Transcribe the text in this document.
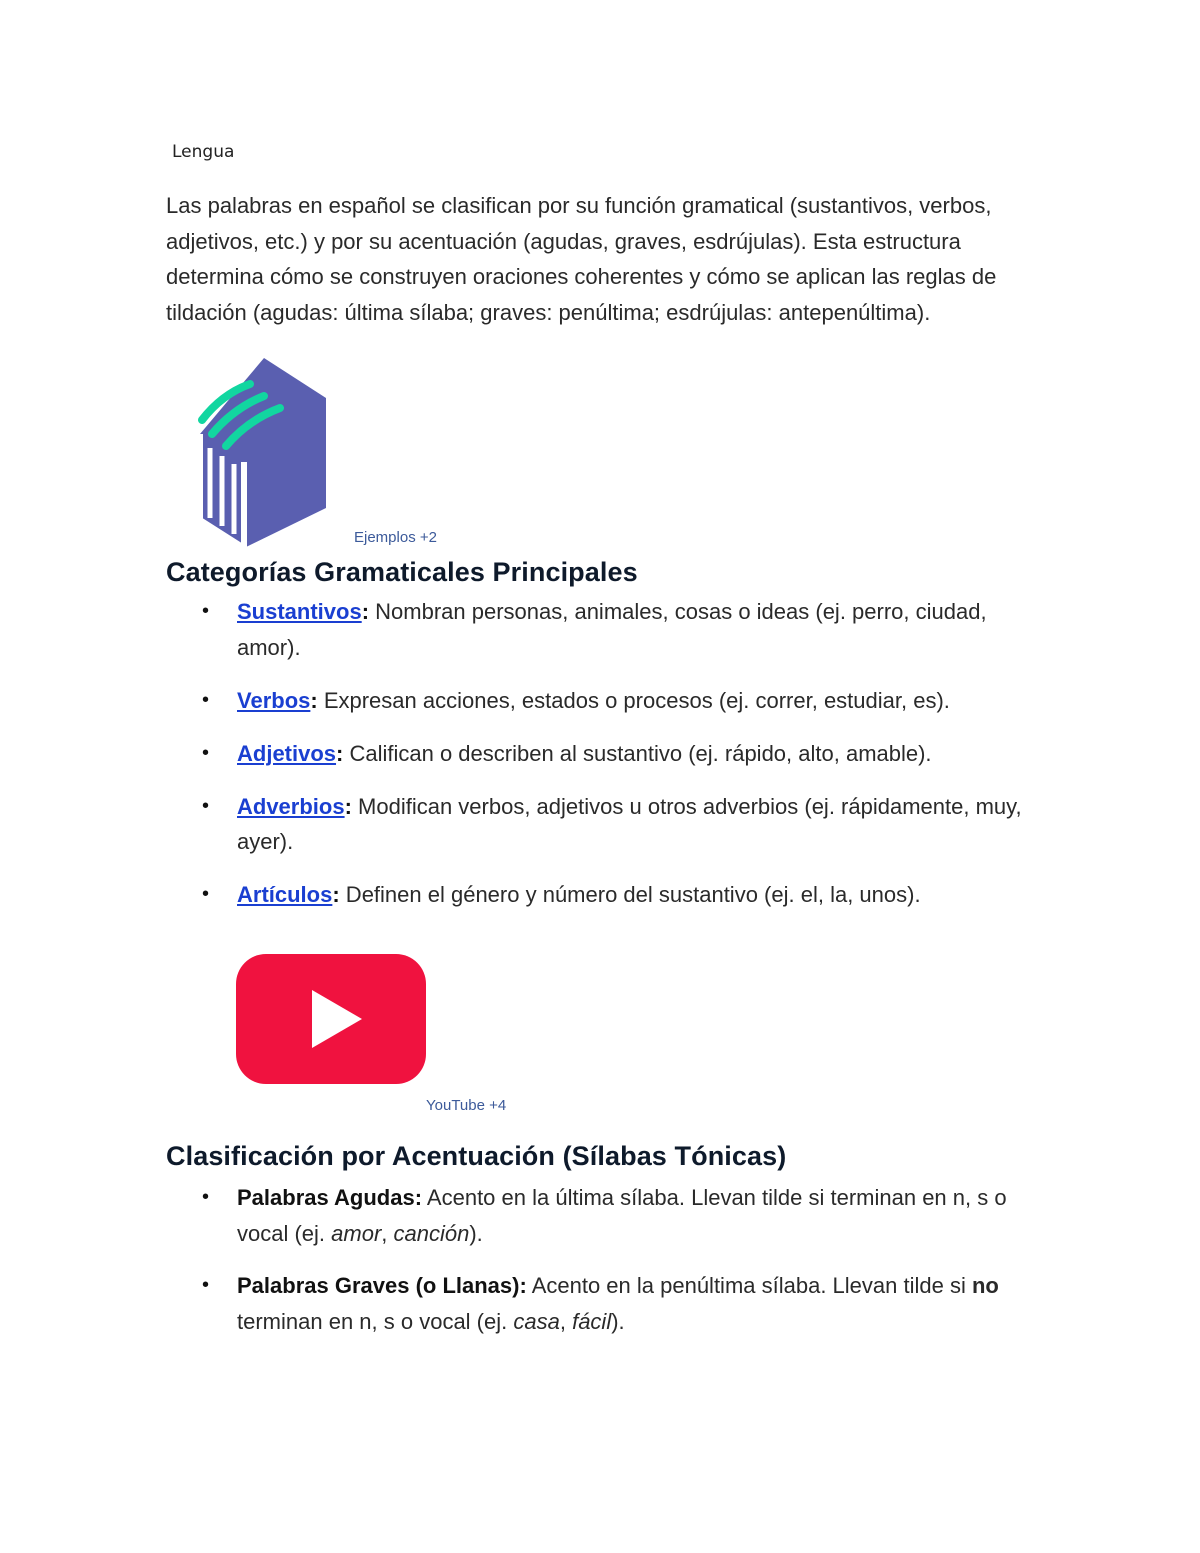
Lengua
Las palabras en español se clasifican por su función gramatical (sustantivos, verbos, adjetivos, etc.) y por su acentuación (agudas, graves, esdrújulas). Esta estructura determina cómo se construyen oraciones coherentes y cómo se aplican las reglas de tildación (agudas: última sílaba; graves: penúltima; esdrújulas: antepenúltima).
Ejemplos +2
Categorías Gramaticales Principales
• Sustantivos: Nombran personas, animales, cosas o ideas (ej. perro, ciudad, amor).
• Verbos: Expresan acciones, estados o procesos (ej. correr, estudiar, es).
• Adjetivos: Califican o describen al sustantivo (ej. rápido, alto, amable).
• Adverbios: Modifican verbos, adjetivos u otros adverbios (ej. rápidamente, muy, ayer).
• Artículos: Definen el género y número del sustantivo (ej. el, la, unos).
YouTube +4
Clasificación por Acentuación (Sílabas Tónicas)
• Palabras Agudas: Acento en la última sílaba. Llevan tilde si terminan en n, s o vocal (ej. amor, canción).
• Palabras Graves (o Llanas): Acento en la penúltima sílaba. Llevan tilde si no terminan en n, s o vocal (ej. casa, fácil).
